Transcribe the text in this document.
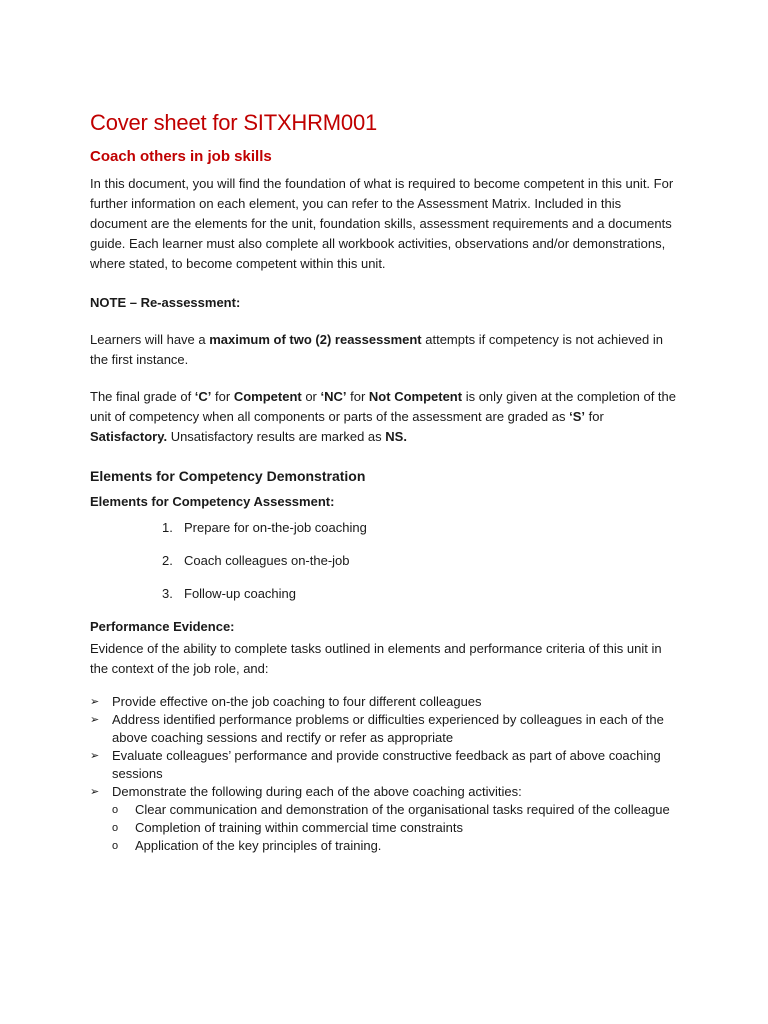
Cover sheet for SITXHRM001
Coach others in job skills

In this document, you will find the foundation of what is required to become competent in this unit. For further information on each element, you can refer to the Assessment Matrix. Included in this document are the elements for the unit, foundation skills, assessment requirements and a documents guide. Each learner must also complete all workbook activities, observations and/or demonstrations, where stated, to become competent within this unit.

NOTE – Re-assessment:

Learners will have a maximum of two (2) reassessment attempts if competency is not achieved in the first instance.

The final grade of ‘C’ for Competent or ‘NC’ for Not Competent is only given at the completion of the unit of competency when all components or parts of the assessment are graded as ‘S’ for Satisfactory. Unsatisfactory results are marked as NS.

Elements for Competency Demonstration

Elements for Competency Assessment:

1. Prepare for on-the-job coaching
2. Coach colleagues on-the-job
3. Follow-up coaching

Performance Evidence:

Evidence of the ability to complete tasks outlined in elements and performance criteria of this unit in the context of the job role, and:

➢ Provide effective on-the job coaching to four different colleagues
➢ Address identified performance problems or difficulties experienced by colleagues in each of the above coaching sessions and rectify or refer as appropriate
➢ Evaluate colleagues’ performance and provide constructive feedback as part of above coaching sessions
➢ Demonstrate the following during each of the above coaching activities:
o	Clear communication and demonstration of the organisational tasks required of the colleague
o	Completion of training within commercial time constraints
o	Application of the key principles of training.
